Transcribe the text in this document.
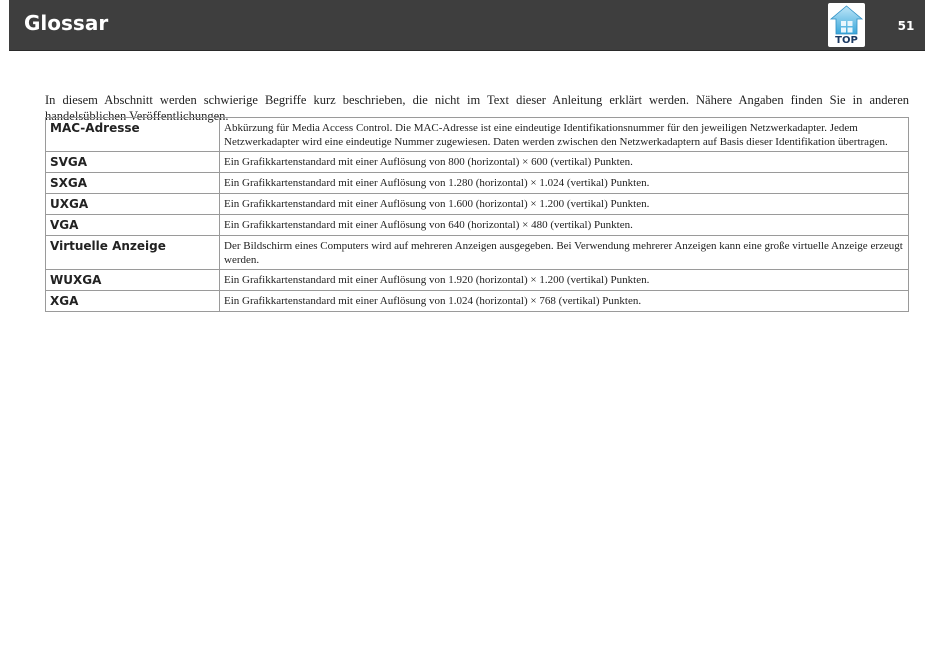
Glossar
TOP
51

In diesem Abschnitt werden schwierige Begriffe kurz beschrieben, die nicht im Text dieser Anleitung erklärt werden. Nähere Angaben finden Sie in anderen handelsüblichen Veröffentlichungen.

MAC-Adresse	Abkürzung für Media Access Control. Die MAC-Adresse ist eine eindeutige Identifikationsnummer für den jeweiligen Netzwerkadapter. Jedem Netzwerkadapter wird eine eindeutige Nummer zugewiesen. Daten werden zwischen den Netzwerkadaptern auf Basis dieser Identifikation übertragen.
SVGA	Ein Grafikkartenstandard mit einer Auflösung von 800 (horizontal) × 600 (vertikal) Punkten.
SXGA	Ein Grafikkartenstandard mit einer Auflösung von 1.280 (horizontal) × 1.024 (vertikal) Punkten.
UXGA	Ein Grafikkartenstandard mit einer Auflösung von 1.600 (horizontal) × 1.200 (vertikal) Punkten.
VGA	Ein Grafikkartenstandard mit einer Auflösung von 640 (horizontal) × 480 (vertikal) Punkten.
Virtuelle Anzeige	Der Bildschirm eines Computers wird auf mehreren Anzeigen ausgegeben. Bei Verwendung mehrerer Anzeigen kann eine große virtuelle Anzeige erzeugt werden.
WUXGA	Ein Grafikkartenstandard mit einer Auflösung von 1.920 (horizontal) × 1.200 (vertikal) Punkten.
XGA	Ein Grafikkartenstandard mit einer Auflösung von 1.024 (horizontal) × 768 (vertikal) Punkten.
